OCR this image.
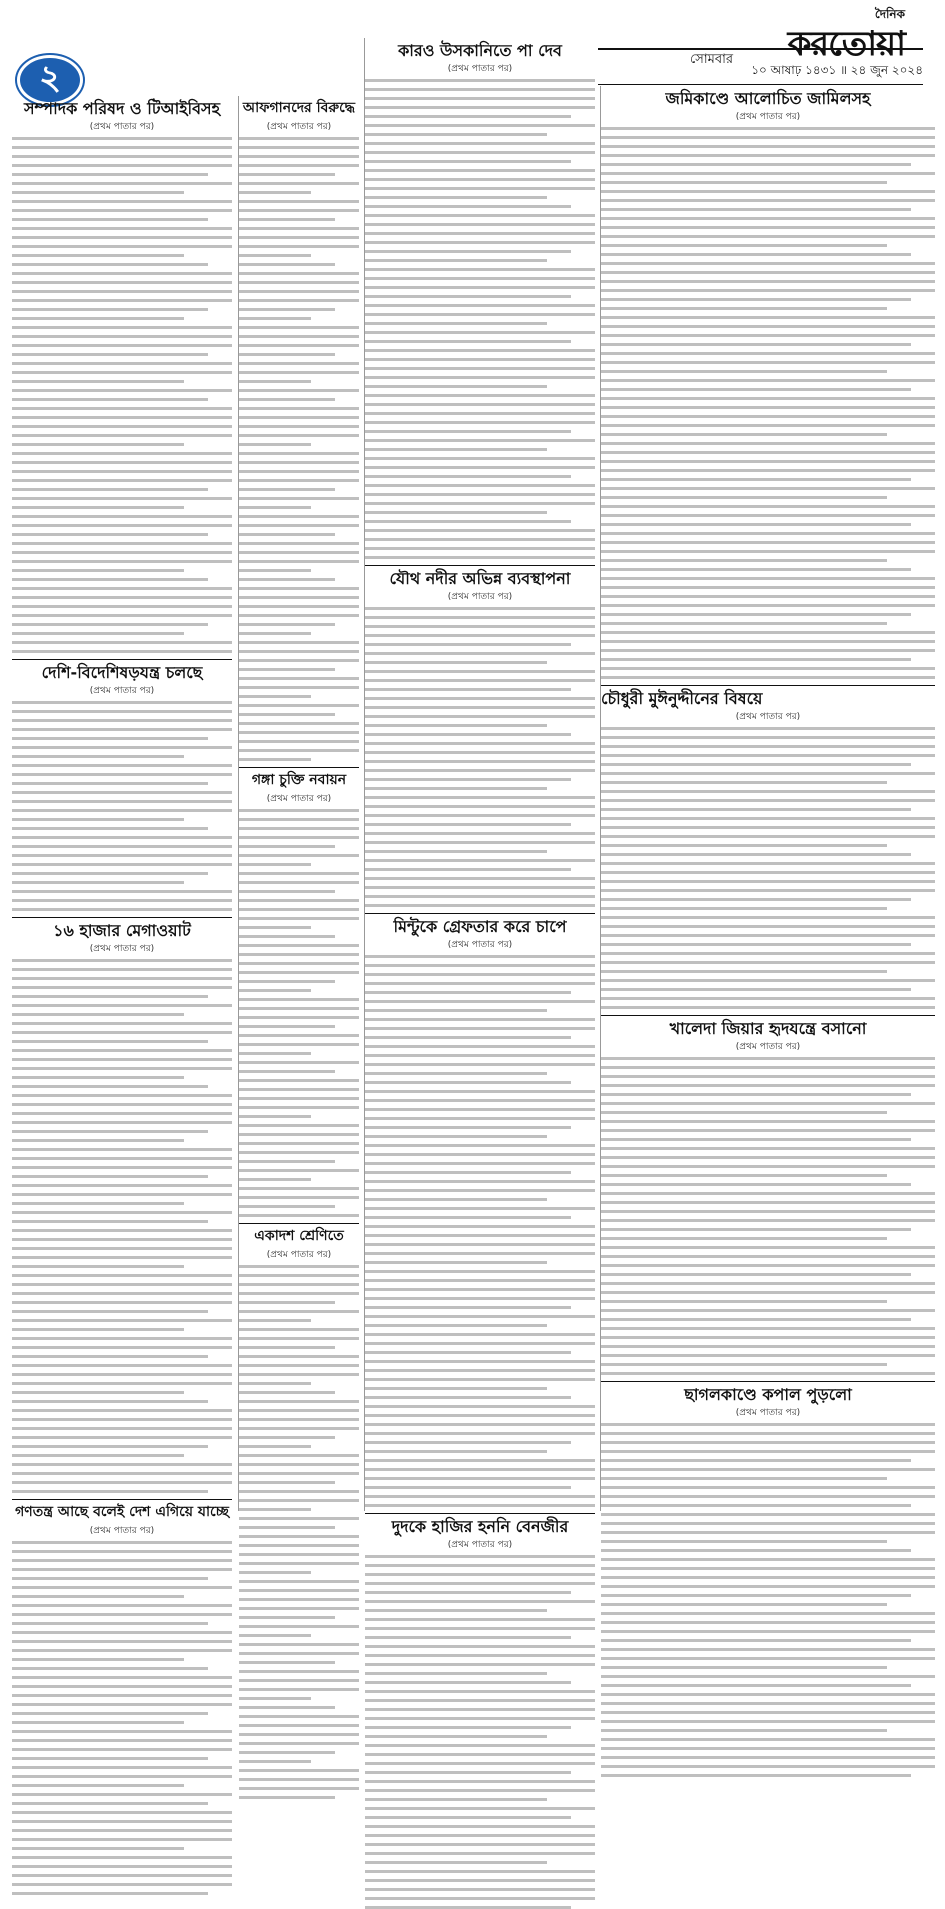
২
দৈনিক
করতোয়া
সোমবার
১০ আষাঢ় ১৪৩১ ॥ ২৪ জুন ২০২৪
সম্পাদক পরিষদ ও টিআইবিসহ
(প্রথম পাতার পর)
দেশি-বিদেশিষড়যন্ত্র চলছে
(প্রথম পাতার পর)
১৬ হাজার মেগাওয়াট
(প্রথম পাতার পর)
গণতন্ত্র আছে বলেই দেশ এগিয়ে যাচ্ছে
(প্রথম পাতার পর)
আফগানদের বিরুদ্ধে
(প্রথম পাতার পর)
গঙ্গা চুক্তি নবায়ন
(প্রথম পাতার পর)
একাদশ শ্রেণিতে
(প্রথম পাতার পর)
কারও উসকানিতে পা দেব
(প্রথম পাতার পর)
যৌথ নদীর অভিন্ন ব্যবস্থাপনা
(প্রথম পাতার পর)
মিন্টুকে গ্রেফতার করে চাপে
(প্রথম পাতার পর)
দুদকে হাজির হননি বেনজীর
(প্রথম পাতার পর)
জমিকাণ্ডে আলোচিত জামিলসহ
(প্রথম পাতার পর)
চৌধুরী মুঈনুদ্দীনের বিষয়ে
(প্রথম পাতার পর)
খালেদা জিয়ার হৃদযন্ত্রে বসানো
(প্রথম পাতার পর)
ছাগলকাণ্ডে কপাল পুড়লো
(প্রথম পাতার পর)
